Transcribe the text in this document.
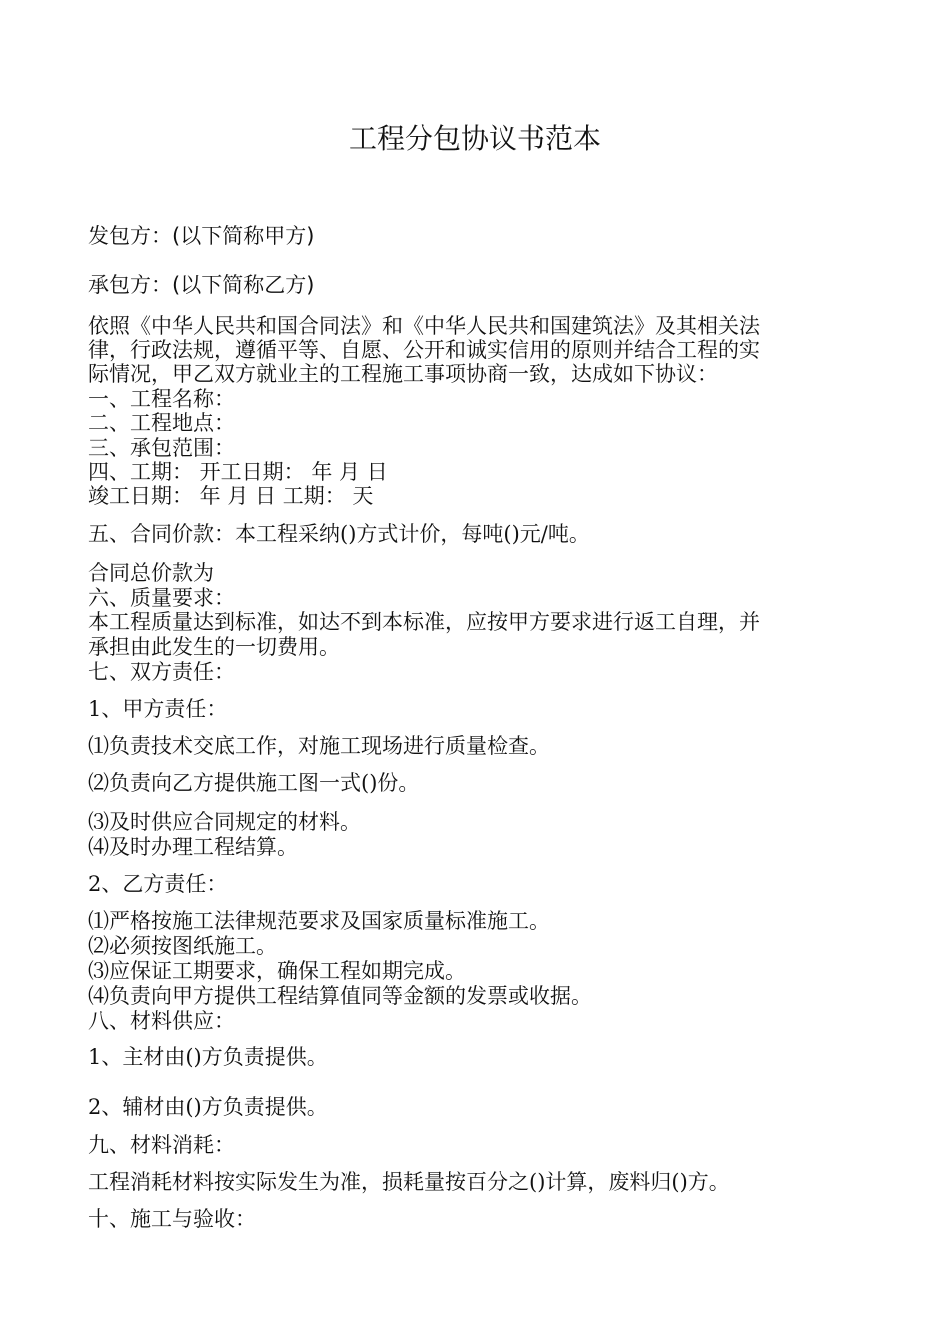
工程分包协议书范本
发包方：(以下简称甲方)
承包方：(以下简称乙方)
依照《中华人民共和国合同法》和《中华人民共和国建筑法》及其相关法
律，行政法规，遵循平等、自愿、公开和诚实信用的原则并结合工程的实
际情况，甲乙双方就业主的工程施工事项协商一致，达成如下协议：
一、工程名称：
二、工程地点：
三、承包范围：
四、工期： 开工日期： 年 月 日
竣工日期： 年 月 日 工期： 天
五、合同价款：本工程采纳()方式计价，每吨()元/吨。
合同总价款为
六、质量要求：
本工程质量达到标准，如达不到本标准，应按甲方要求进行返工自理，并
承担由此发生的一切费用。
七、双方责任：
1、甲方责任：
⑴负责技术交底工作，对施工现场进行质量检查。
⑵负责向乙方提供施工图一式()份。
⑶及时供应合同规定的材料。
⑷及时办理工程结算。
2、乙方责任：
⑴严格按施工法律规范要求及国家质量标准施工。
⑵必须按图纸施工。
⑶应保证工期要求，确保工程如期完成。
⑷负责向甲方提供工程结算值同等金额的发票或收据。
八、材料供应：
1、主材由()方负责提供。
2、辅材由()方负责提供。
九、材料消耗：
工程消耗材料按实际发生为准，损耗量按百分之()计算，废料归()方。
十、施工与验收：
